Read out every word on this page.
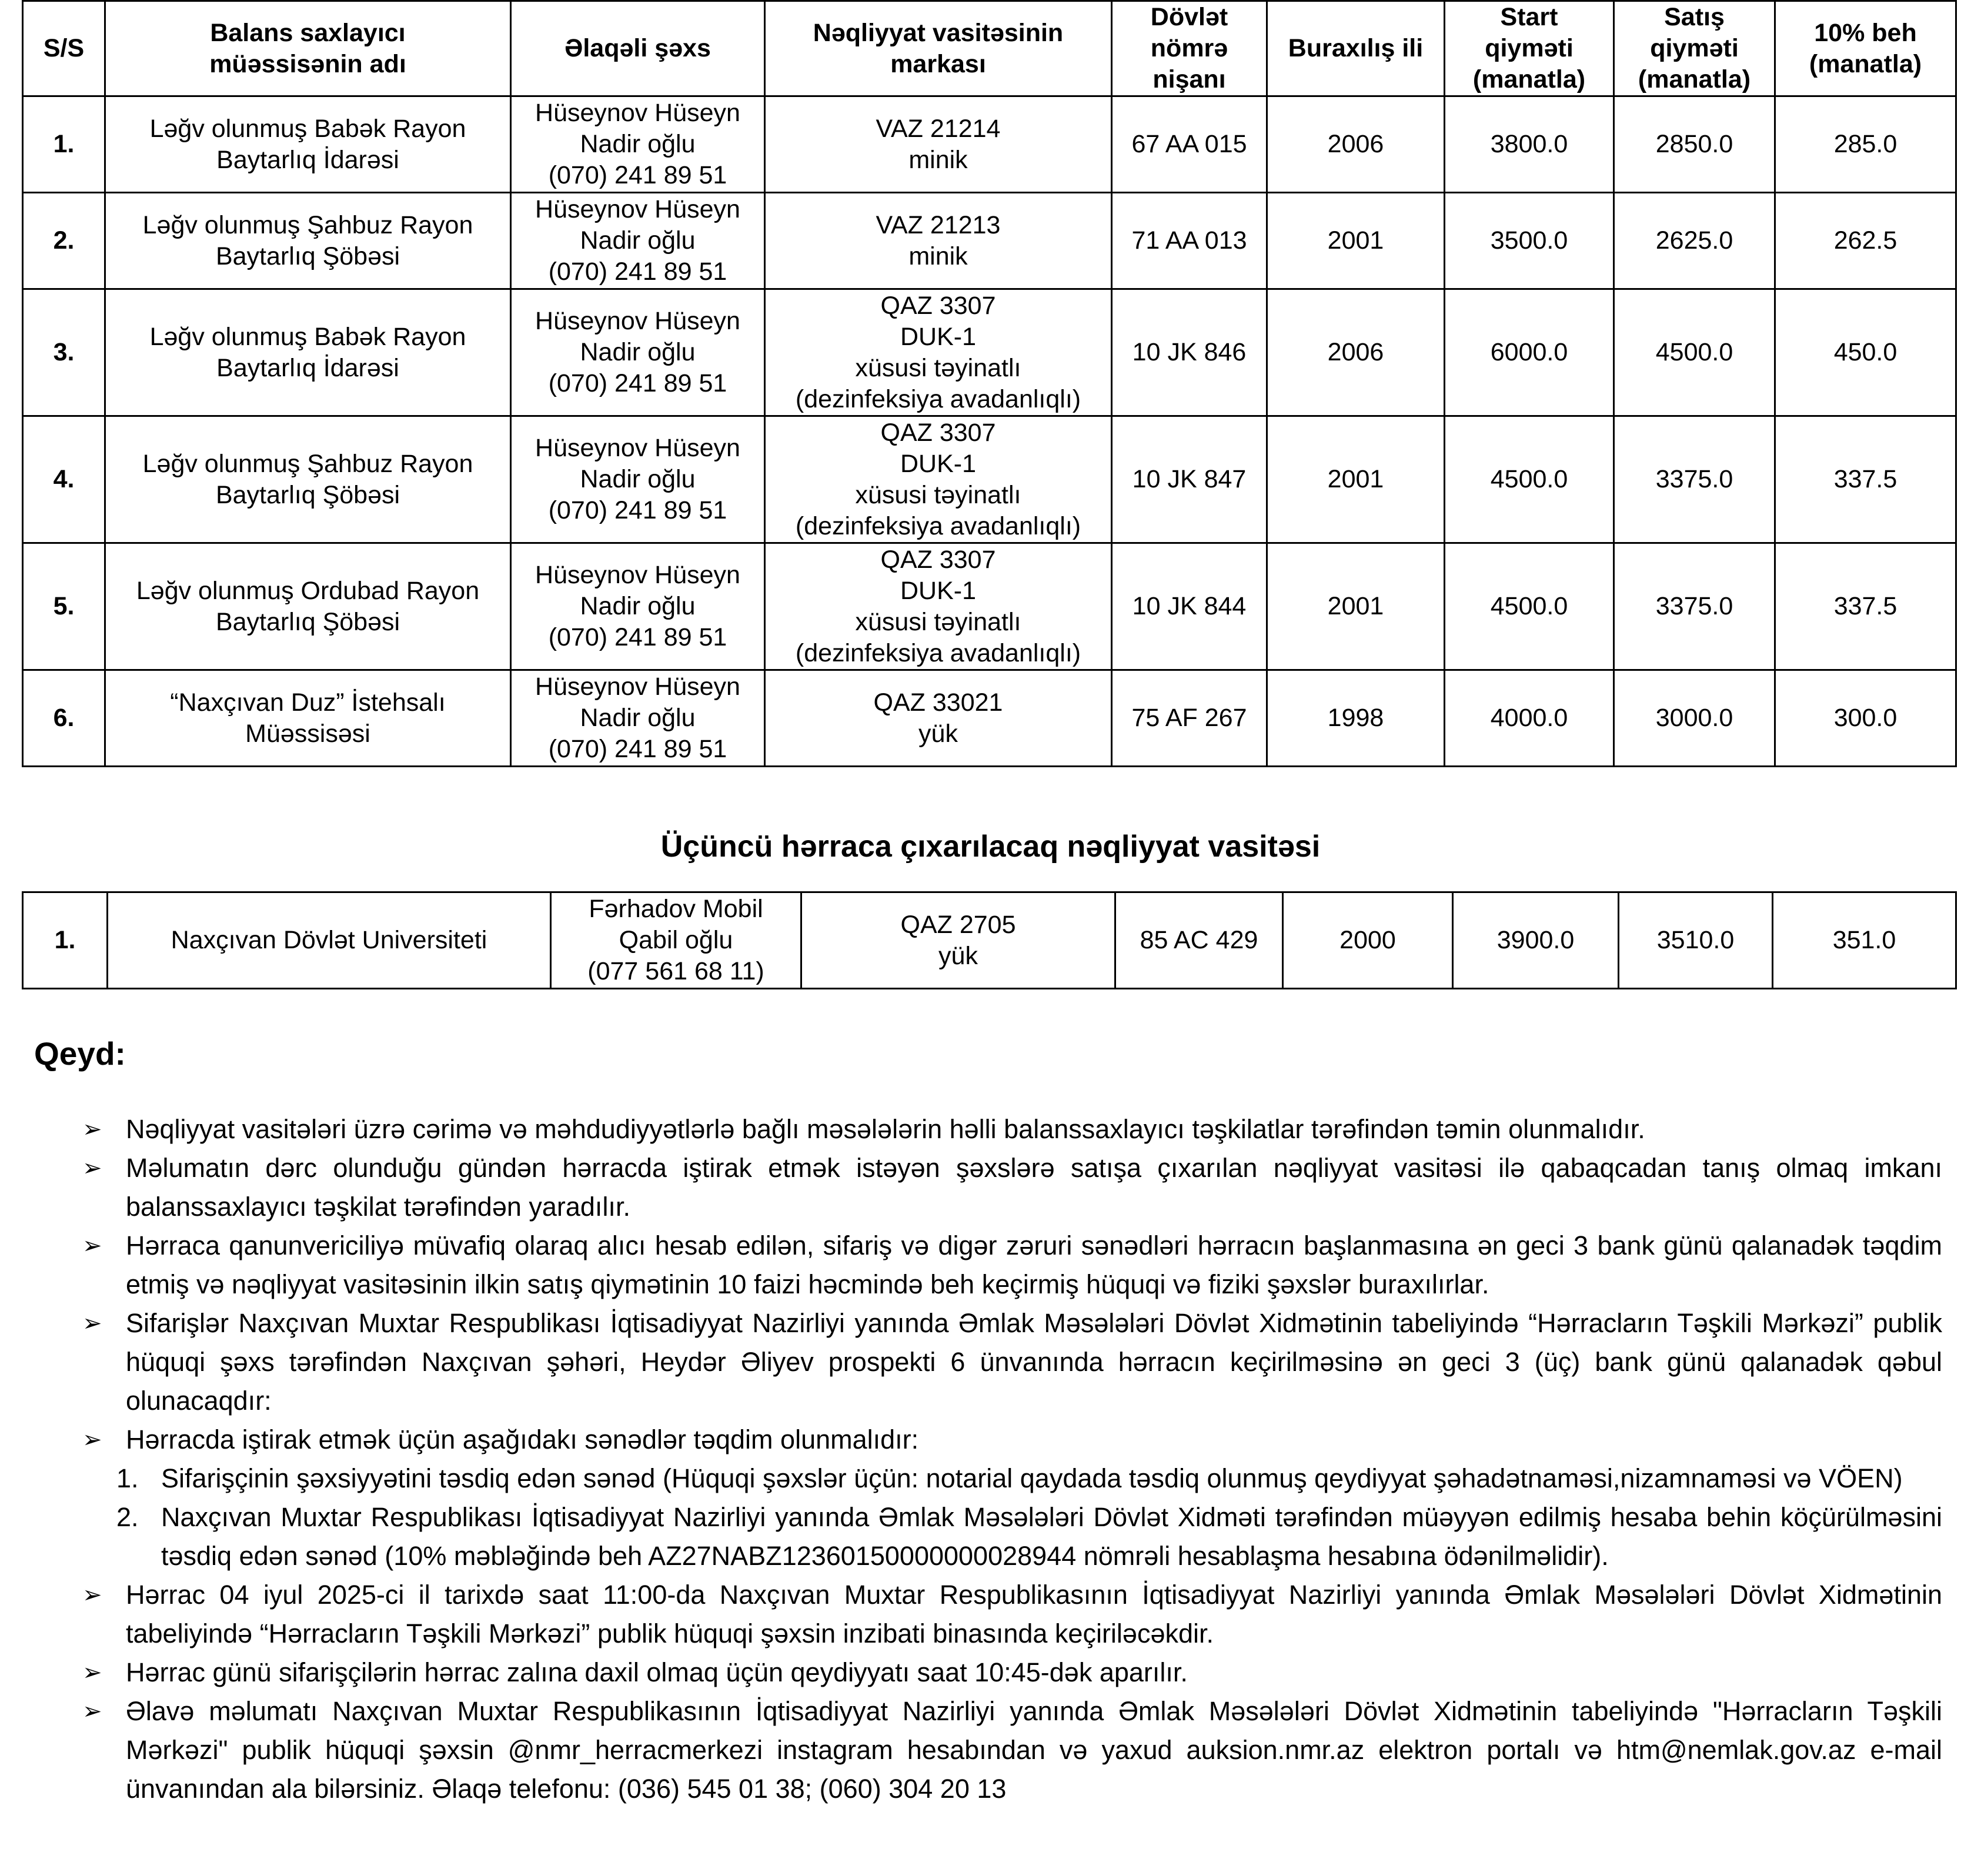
S/S	Balans saxlayıcı
müəssisənin adı	Əlaqəli şəxs	Nəqliyyat vasitəsinin
markası	Dövlət
nömrə
nişanı	Buraxılış ili	Start
qiyməti
(manatla)	Satış
qiyməti
(manatla)	10% beh
(manatla)
1.	Ləğv olunmuş Babək Rayon
Baytarlıq İdarəsi	Hüseynov Hüseyn
Nadir oğlu
(070) 241 89 51	VAZ 21214
minik	67 AA 015	2006	3800.0	2850.0	285.0
2.	Ləğv olunmuş Şahbuz Rayon
Baytarlıq Şöbəsi	Hüseynov Hüseyn
Nadir oğlu
(070) 241 89 51	VAZ 21213
minik	71 AA 013	2001	3500.0	2625.0	262.5
3.	Ləğv olunmuş Babək Rayon
Baytarlıq İdarəsi	Hüseynov Hüseyn
Nadir oğlu
(070) 241 89 51	QAZ 3307
DUK-1
xüsusi təyinatlı
(dezinfeksiya avadanlıqlı)	10 JK 846	2006	6000.0	4500.0	450.0
4.	Ləğv olunmuş Şahbuz Rayon
Baytarlıq Şöbəsi	Hüseynov Hüseyn
Nadir oğlu
(070) 241 89 51	QAZ 3307
DUK-1
xüsusi təyinatlı
(dezinfeksiya avadanlıqlı)	10 JK 847	2001	4500.0	3375.0	337.5
5.	Ləğv olunmuş Ordubad Rayon
Baytarlıq Şöbəsi	Hüseynov Hüseyn
Nadir oğlu
(070) 241 89 51	QAZ 3307
DUK-1
xüsusi təyinatlı
(dezinfeksiya avadanlıqlı)	10 JK 844	2001	4500.0	3375.0	337.5
6.	“Naxçıvan Duz” İstehsalı
Müəssisəsi	Hüseynov Hüseyn
Nadir oğlu
(070) 241 89 51	QAZ 33021
yük	75 AF 267	1998	4000.0	3000.0	300.0
Üçüncü hərraca çıxarılacaq nəqliyyat vasitəsi
1.	Naxçıvan Dövlət Universiteti	Fərhadov Mobil
Qabil oğlu
(077 561 68 11)	QAZ 2705
yük	85 AC 429	2000	3900.0	3510.0	351.0
Qeyd:
➢ Nəqliyyat vasitələri üzrə cərimə və məhdudiyyətlərlə bağlı məsələlərin həlli balanssaxlayıcı təşkilatlar tərəfindən təmin olunmalıdır.
➢ Məlumatın dərc olunduğu gündən hərracda iştirak etmək istəyən şəxslərə satışa çıxarılan nəqliyyat vasitəsi ilə qabaqcadan tanış olmaq imkanı balanssaxlayıcı təşkilat tərəfindən yaradılır.
➢ Hərraca qanunvericiliyə müvafiq olaraq alıcı hesab edilən, sifariş və digər zəruri sənədləri hərracın başlanmasına ən geci 3 bank günü qalanadək təqdim etmiş və nəqliyyat vasitəsinin ilkin satış qiymətinin 10 faizi həcmində beh keçirmiş hüquqi və fiziki şəxslər buraxılırlar.
➢ Sifarişlər Naxçıvan Muxtar Respublikası İqtisadiyyat Nazirliyi yanında Əmlak Məsələləri Dövlət Xidmətinin tabeliyində “Hərracların Təşkili Mərkəzi” publik hüquqi şəxs tərəfindən Naxçıvan şəhəri, Heydər Əliyev prospekti 6 ünvanında hərracın keçirilməsinə ən geci 3 (üç) bank günü qalanadək qəbul olunacaqdır:
➢ Hərracda iştirak etmək üçün aşağıdakı sənədlər təqdim olunmalıdır:
1. Sifarişçinin şəxsiyyətini təsdiq edən sənəd (Hüquqi şəxslər üçün: notarial qaydada təsdiq olunmuş qeydiyyat şəhadətnaməsi,nizamnaməsi və VÖEN)
2. Naxçıvan Muxtar Respublikası İqtisadiyyat Nazirliyi yanında Əmlak Məsələləri Dövlət Xidməti tərəfindən müəyyən edilmiş hesaba behin köçürülməsini təsdiq edən sənəd (10% məbləğində beh AZ27NABZ12360150000000028944 nömrəli hesablaşma hesabına ödənilməlidir).
➢ Hərrac 04 iyul 2025-ci il tarixdə saat 11:00-da Naxçıvan Muxtar Respublikasının İqtisadiyyat Nazirliyi yanında Əmlak Məsələləri Dövlət Xidmətinin tabeliyində “Hərracların Təşkili Mərkəzi” publik hüquqi şəxsin inzibati binasında keçiriləcəkdir.
➢ Hərrac günü sifarişçilərin hərrac zalına daxil olmaq üçün qeydiyyatı saat 10:45-dək aparılır.
➢ Əlavə məlumatı Naxçıvan Muxtar Respublikasının İqtisadiyyat Nazirliyi yanında Əmlak Məsələləri Dövlət Xidmətinin tabeliyində "Hərracların Təşkili Mərkəzi" publik hüquqi şəxsin @nmr_herracmerkezi instagram hesabından və yaxud auksion.nmr.az elektron portalı və htm@nemlak.gov.az e-mail ünvanından ala bilərsiniz. Əlaqə telefonu: (036) 545 01 38; (060) 304 20 13
